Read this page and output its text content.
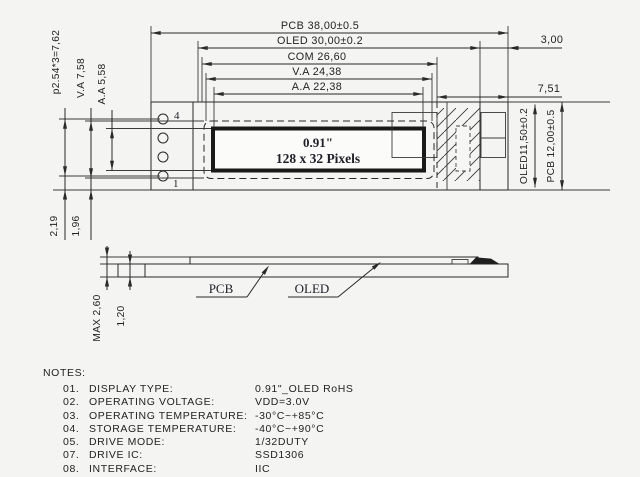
4
1
0.91"
128 x 32 Pixels
PCB 38,00±0.5
OLED 30,00±0.2
COM 26,60
V.A 24,38
A.A 22,38
3,00
7,51
OLED11,50±0.2 PCB 12,00±0.5
p2.54*3=7,62 V.A 7,58 A.A 5,58
2,19 1,96
MAX 2,60 1,20
PCB	OLED
NOTES:
01. DISPLAY TYPE:	0.91"_OLED RoHS
02. OPERATING VOLTAGE:	VDD=3.0V
03. OPERATING TEMPERATURE: -30°C~+85°C
04. STORAGE TEMPERATURE:	-40°C~+90°C
05. DRIVE MODE:	1/32DUTY
07. DRIVE IC:	SSD1306
08. INTERFACE:	IIC
